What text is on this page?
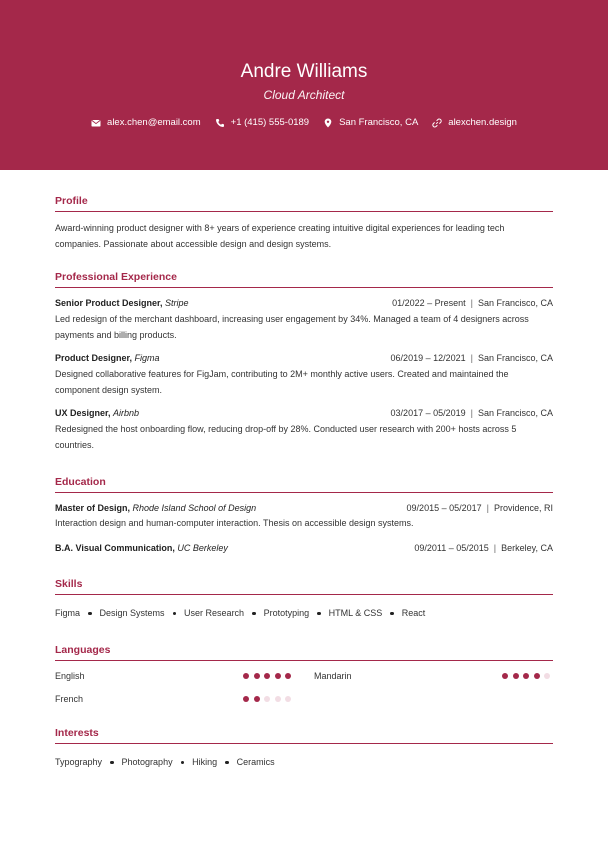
Andre Williams
Cloud Architect
alex.chen@email.com	+1 (415) 555-0189	San Francisco, CA	alexchen.design
Profile
Award-winning product designer with 8+ years of experience creating intuitive digital experiences for leading tech
companies. Passionate about accessible design and design systems.
Professional Experience
Senior Product Designer, Stripe	01/2022 – Present | San Francisco, CA
Led redesign of the merchant dashboard, increasing user engagement by 34%. Managed a team of 4 designers across
payments and billing products.
Product Designer, Figma	06/2019 – 12/2021 | San Francisco, CA
Designed collaborative features for FigJam, contributing to 2M+ monthly active users. Created and maintained the
component design system.
UX Designer, Airbnb	03/2017 – 05/2019 | San Francisco, CA
Redesigned the host onboarding flow, reducing drop-off by 28%. Conducted user research with 200+ hosts across 5
countries.
Education
Master of Design, Rhode Island School of Design	09/2015 – 05/2017 | Providence, RI
Interaction design and human-computer interaction. Thesis on accessible design systems.
B.A. Visual Communication, UC Berkeley	09/2011 – 05/2015 | Berkeley, CA
Skills
Figma Design Systems User Research Prototyping HTML & CSS React
Languages
English	Mandarin
French
Interests
Typography Photography Hiking Ceramics
